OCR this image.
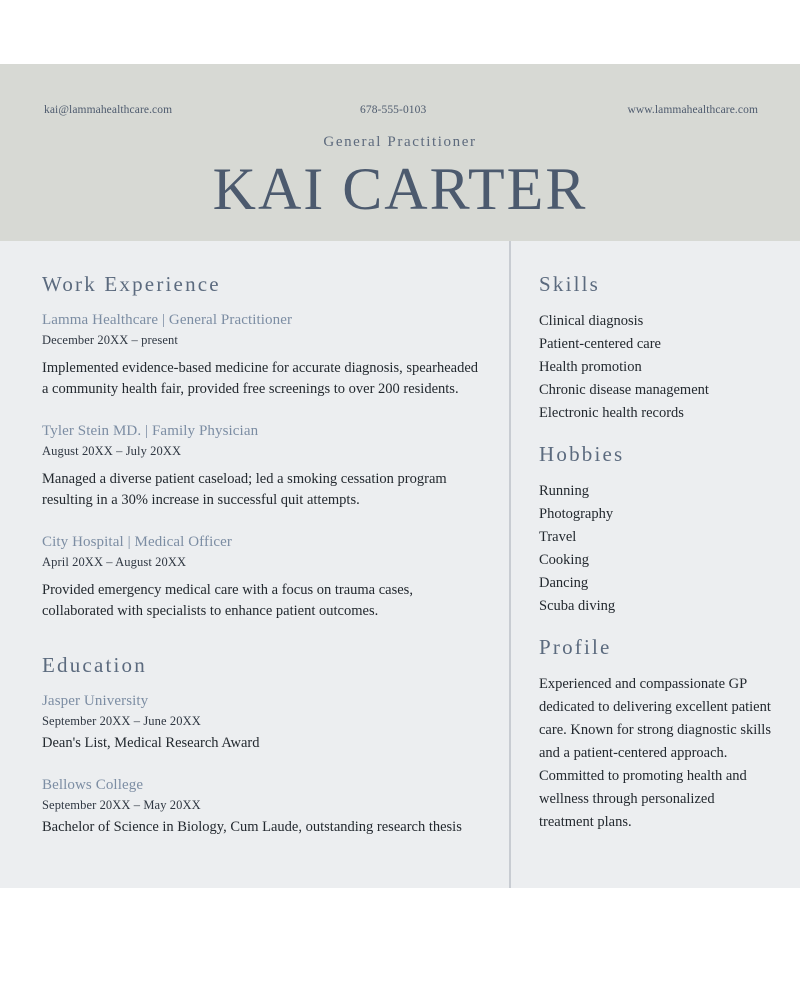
kai@lammahealthcare.com	678-555-0103	www.lammahealthcare.com
General Practitioner
KAI CARTER
Work Experience

Lamma Healthcare | General Practitioner

December 20XX – present

Implemented evidence-based medicine for accurate diagnosis, spearheaded a community health fair, provided free screenings to over 200 residents.

Tyler Stein MD. | Family Physician

August 20XX – July 20XX

Managed a diverse patient caseload; led a smoking cessation program resulting in a 30% increase in successful quit attempts.

City Hospital | Medical Officer

April 20XX – August 20XX

Provided emergency medical care with a focus on trauma cases, collaborated with specialists to enhance patient outcomes.

Education

Jasper University

September 20XX – June 20XX

Dean's List, Medical Research Award

Bellows College

September 20XX – May 20XX

Bachelor of Science in Biology, Cum Laude, outstanding research thesis

Skills
Clinical diagnosis
Patient-centered care
Health promotion
Chronic disease management
Electronic health records
Hobbies
Running
Photography
Travel
Cooking
Dancing
Scuba diving
Profile

Experienced and compassionate GP dedicated to delivering excellent patient care. Known for strong diagnostic skills and a patient-centered approach. Committed to promoting health and wellness through personalized treatment plans.
